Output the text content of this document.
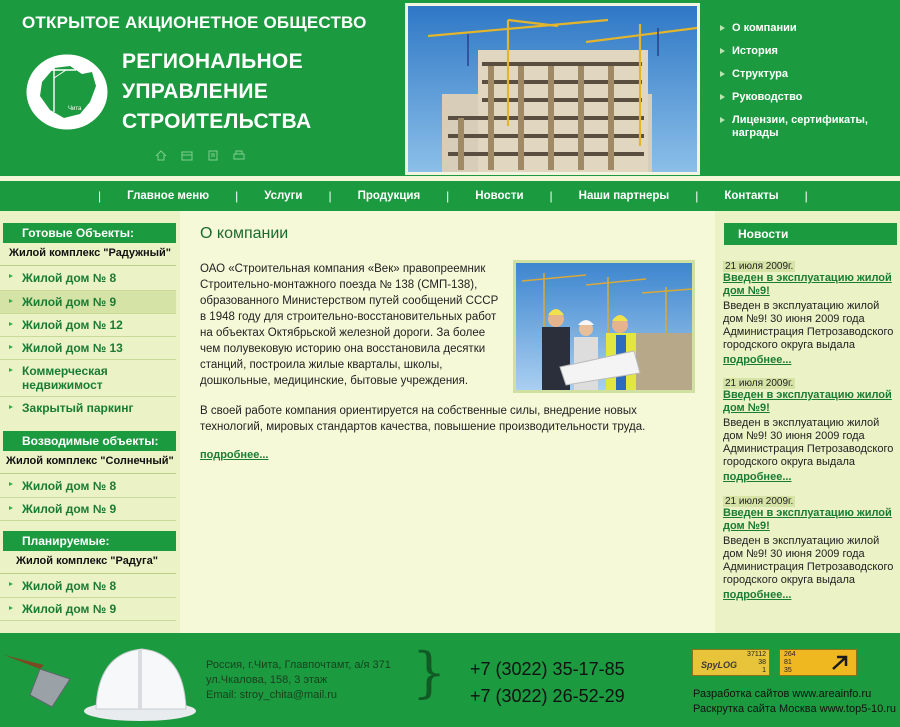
ОТКРЫТОЕ АКЦИОНЕТНОЕ ОБЩЕСТВО
Чита
РЕГИОНАЛЬНОЕ
УПРАВЛЕНИЕ
СТРОИТЕЛЬСТВА
О компании
История
Структура
Руководство
Лицензии, сертификаты, награды
|	Главное меню	|	Услуги	|	Продукция	|	Новости	|	Наши партнеры	|	Контакты	|
Готовые Объекты:
Жилой комплекс "Радужный"
Жилой дом № 8
Жилой дом № 9
Жилой дом № 12
Жилой дом № 13
Коммерческая недвижимост
Закрытый паркинг
Возводимые объекты:
Жилой комплекс "Солнечный"
Жилой дом № 8
Жилой дом № 9
Планируемые:
Жилой комплекс "Радуга"
Жилой дом № 8
Жилой дом № 9
О компании
ОАО «Строительная компания «Век» правопреемник Строительно-монтажного поезда № 138 (СМП-138), образованного Министерством путей сообщений СССР в 1948 году для строительно-восстановительных работ на объектах Октябрьской железной дороги. За более чем полувековую историю она восстановила десятки станций, построила жилые кварталы, школы, дошкольные, медицинские, бытовые учреждения.
В своей работе компания ориентируется на собственные силы, внедрение новых технологий, мировых стандартов качества, повышение производительности труда.
подробнее...
Новости
21 июля 2009г.
Введен в эксплуатацию жилой дом №9!
Введен в эксплуатацию жилой дом №9! 30 июня 2009 года Администрация Петрозаводского городского округа выдала
подробнее...
21 июля 2009г.
Введен в эксплуатацию жилой дом №9!
Введен в эксплуатацию жилой дом №9! 30 июня 2009 года Администрация Петрозаводского городского округа выдала
подробнее...
21 июля 2009г.
Введен в эксплуатацию жилой дом №9!
Введен в эксплуатацию жилой дом №9! 30 июня 2009 года Администрация Петрозаводского городского округа выдала
подробнее...
Россия, г.Чита, Главпочтамт, а/я 371
ул.Чкалова, 158, 3 этаж
Email: stroy_chita@mail.ru	} +7 (3022) 35-17-85
+7 (3022) 26-52-29
SpyLOG
37112
38
1
264
81
35
Разработка сайтов www.areainfo.ru
Раскрутка сайта Москва www.top5-10.ru
